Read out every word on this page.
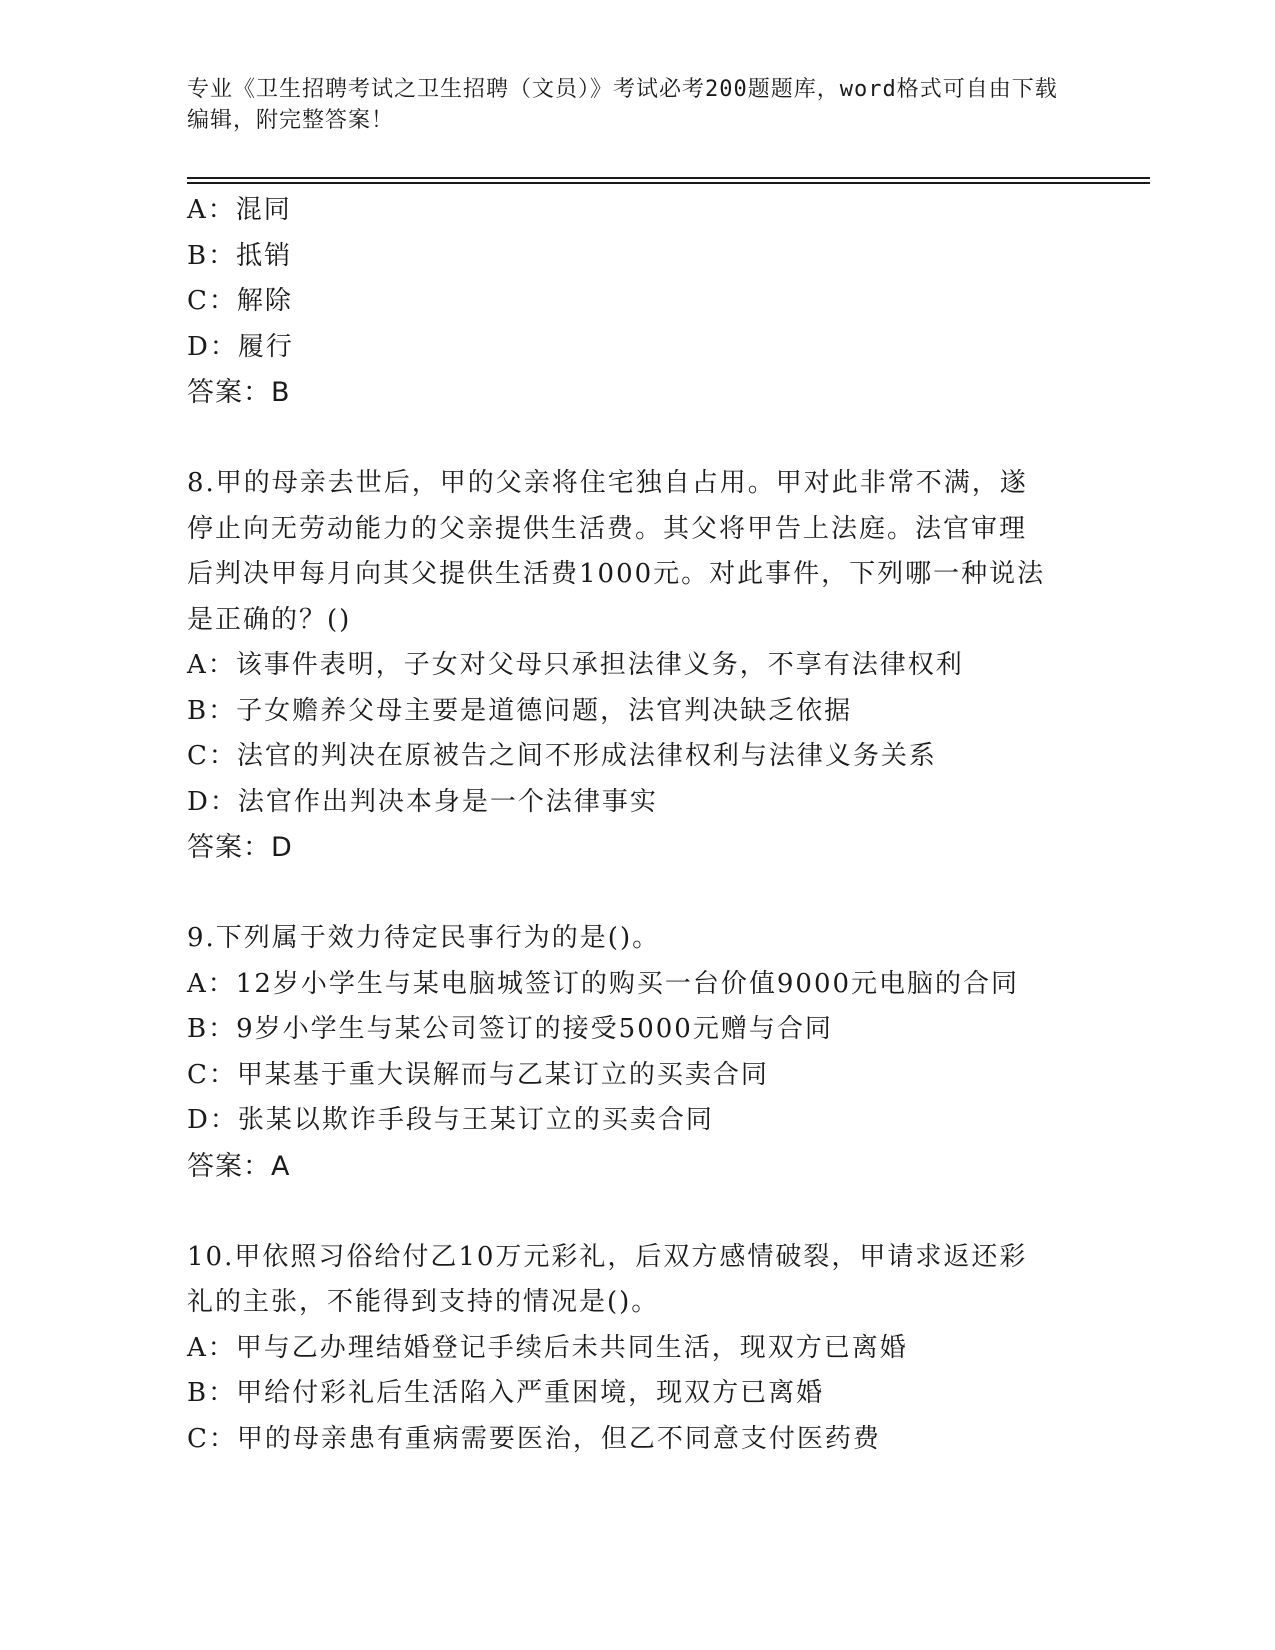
专业《卫生招聘考试之卫生招聘（文员）》考试必考200题题库，word格式可自由下载编辑，附完整答案！
A：混同
B：抵销
C：解除
D：履行
答案：B
8.甲的母亲去世后，甲的父亲将住宅独自占用。甲对此非常不满，遂
停止向无劳动能力的父亲提供生活费。其父将甲告上法庭。法官审理
后判决甲每月向其父提供生活费1000元。对此事件，下列哪一种说法
是正确的？()
A：该事件表明，子女对父母只承担法律义务，不享有法律权利
B：子女赡养父母主要是道德问题，法官判决缺乏依据
C：法官的判决在原被告之间不形成法律权利与法律义务关系
D：法官作出判决本身是一个法律事实
答案：D
9.下列属于效力待定民事行为的是()。
A：12岁小学生与某电脑城签订的购买一台价值9000元电脑的合同
B：9岁小学生与某公司签订的接受5000元赠与合同
C：甲某基于重大误解而与乙某订立的买卖合同
D：张某以欺诈手段与王某订立的买卖合同
答案：A
10.甲依照习俗给付乙10万元彩礼，后双方感情破裂，甲请求返还彩
礼的主张，不能得到支持的情况是()。
A：甲与乙办理结婚登记手续后未共同生活，现双方已离婚
B：甲给付彩礼后生活陷入严重困境，现双方已离婚
C：甲的母亲患有重病需要医治，但乙不同意支付医药费
